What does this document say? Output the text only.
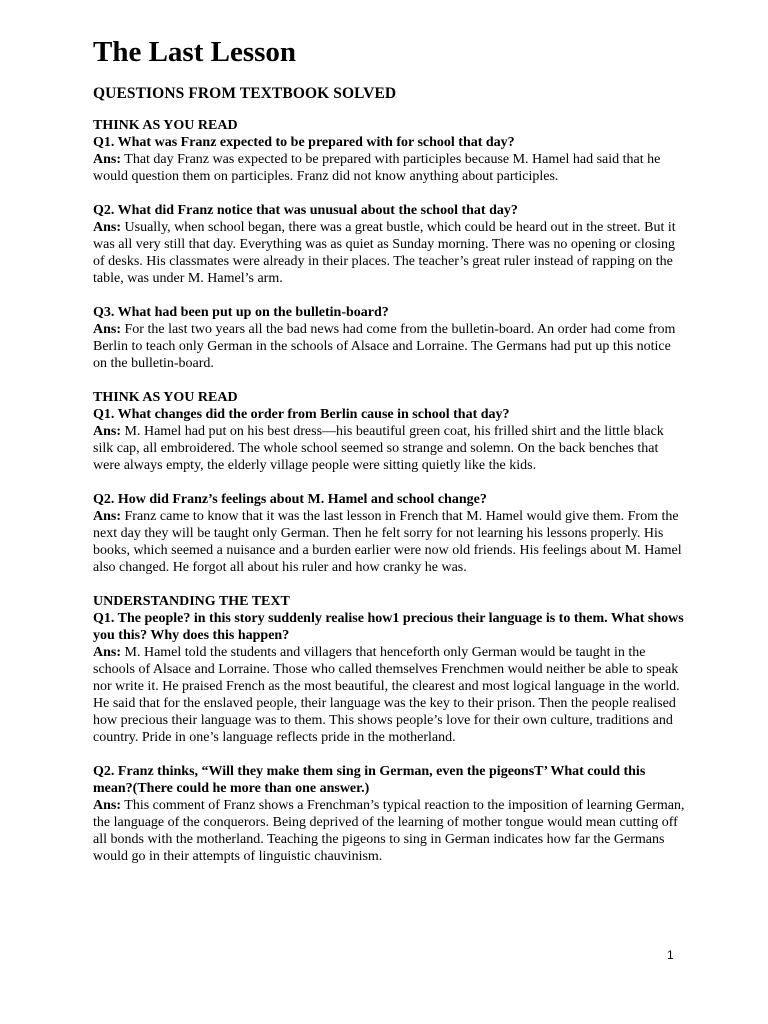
The Last Lesson
QUESTIONS FROM TEXTBOOK SOLVED
THINK AS YOU READ
Q1. What was Franz expected to be prepared with for school that day?
Ans: That day Franz was expected to be prepared with participles because M. Hamel had said that he would question them on participles. Franz did not know anything about participles.
Q2. What did Franz notice that was unusual about the school that day?
Ans: Usually, when school began, there was a great bustle, which could be heard out in the street. But it was all very still that day. Everything was as quiet as Sunday morning. There was no opening or closing of desks. His classmates were already in their places. The teacher’s great ruler instead of rapping on the table, was under M. Hamel’s arm.
Q3. What had been put up on the bulletin-board?
Ans: For the last two years all the bad news had come from the bulletin-board. An order had come from Berlin to teach only German in the schools of Alsace and Lorraine. The Germans had put up this notice on the bulletin-board.
THINK AS YOU READ
Q1. What changes did the order from Berlin cause in school that day?
Ans: M. Hamel had put on his best dress—his beautiful green coat, his frilled shirt and the little black silk cap, all embroidered. The whole school seemed so strange and solemn. On the back benches that were always empty, the elderly village people were sitting quietly like the kids.
Q2. How did Franz’s feelings about M. Hamel and school change?
Ans: Franz came to know that it was the last lesson in French that M. Hamel would give them. From the next day they will be taught only German. Then he felt sorry for not learning his lessons properly. His books, which seemed a nuisance and a burden earlier were now old friends. His feelings about M. Hamel also changed. He forgot all about his ruler and how cranky he was.
UNDERSTANDING THE TEXT
Q1. The people? in this story suddenly realise how1 precious their language is to them. What shows you this? Why does this happen?
Ans: M. Hamel told the students and villagers that henceforth only German would be taught in the schools of Alsace and Lorraine. Those who called themselves Frenchmen would neither be able to speak nor write it. He praised French as the most beautiful, the clearest and most logical language in the world. He said that for the enslaved people, their language was the key to their prison. Then the people realised how precious their language was to them. This shows people’s love for their own culture, traditions and country. Pride in one’s language reflects pride in the motherland.
Q2. Franz thinks, “Will they make them sing in German, even the pigeonsT’ What could this mean?(There could he more than one answer.)
Ans: This comment of Franz shows a Frenchman’s typical reaction to the imposition of learning German, the language of the conquerors. Being deprived of the learning of mother tongue would mean cutting off all bonds with the motherland. Teaching the pigeons to sing in German indicates how far the Germans would go in their attempts of linguistic chauvinism.
1
